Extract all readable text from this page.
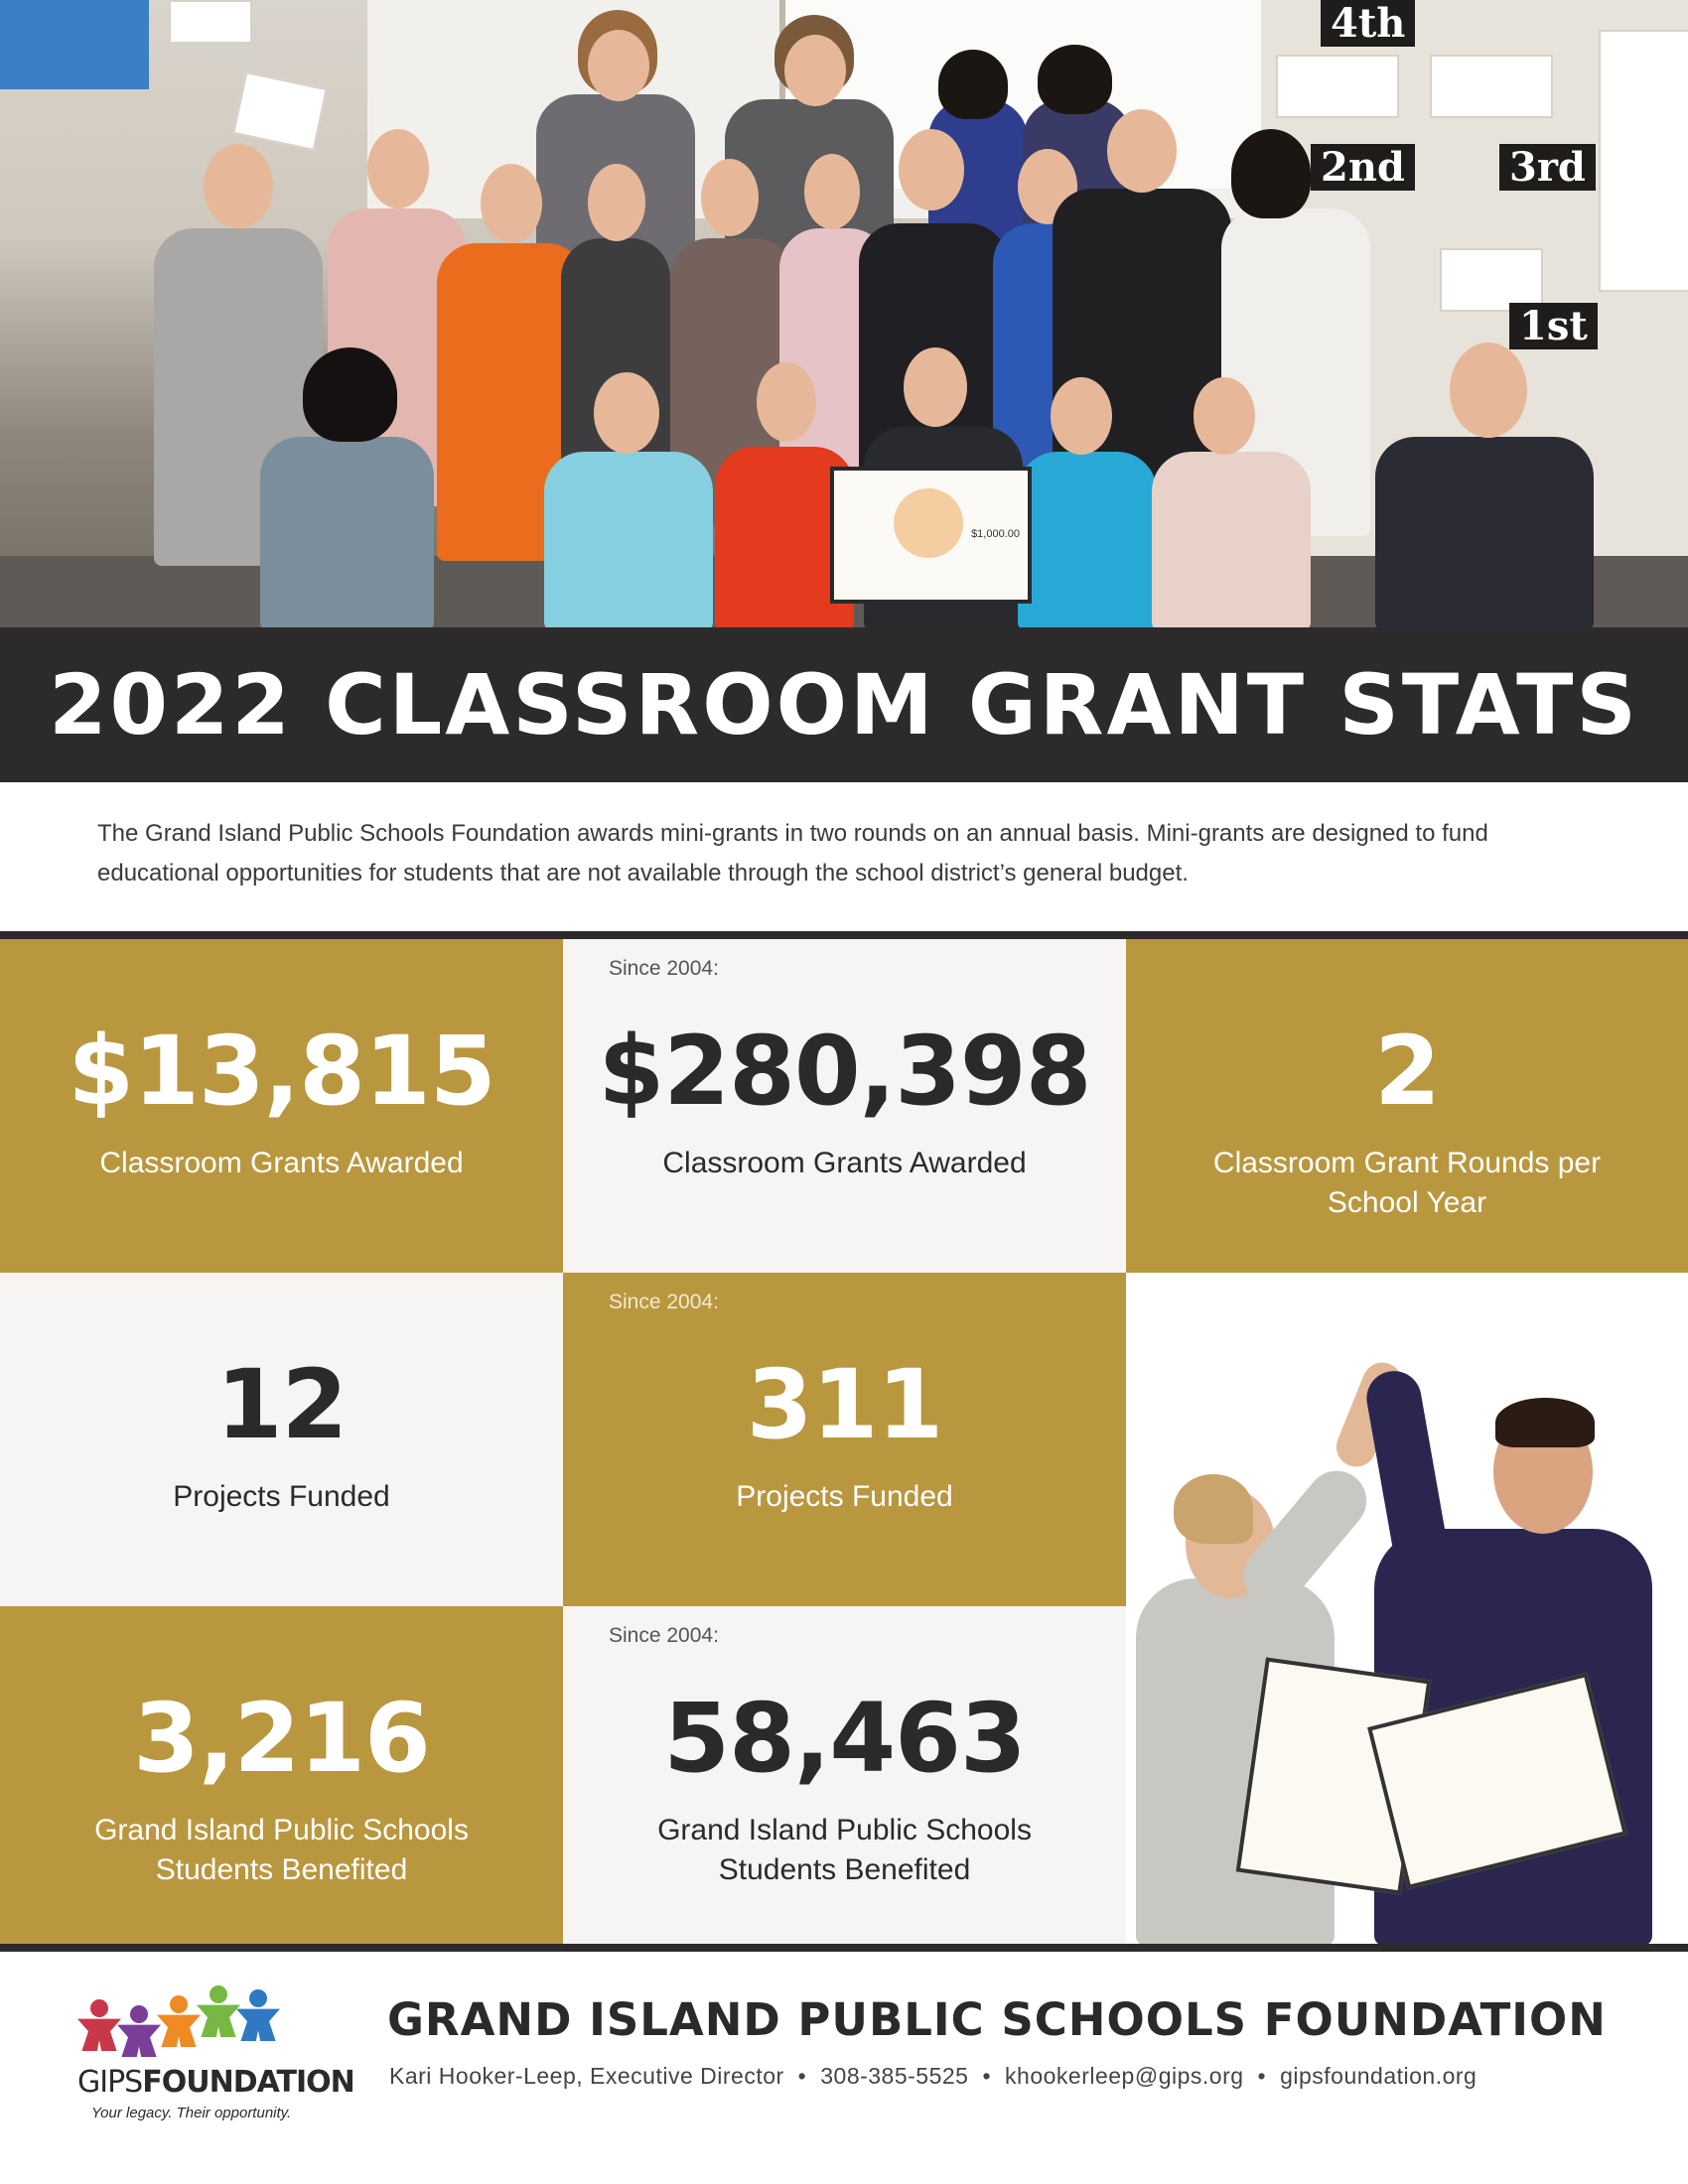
4th
2nd	3rd
1st
$1,000.00
2022 CLASSROOM GRANT STATS

The Grand Island Public Schools Foundation awards mini-grants in two rounds on an annual basis. Mini-grants are designed to fund educational opportunities for students that are not available through the school district’s general budget.

$13,815
Classroom Grants Awarded
Since 2004:
$280,398
Classroom Grants Awarded
2
Classroom Grant Rounds per School Year
12
Projects Funded
Since 2004:
311
Projects Funded
3,216
Grand Island Public Schools Students Benefited
Since 2004:
58,463
Grand Island Public Schools Students Benefited
GIPSFOUNDATION
Your legacy. Their opportunity.
GRAND ISLAND PUBLIC SCHOOLS FOUNDATION
Kari Hooker-Leep, Executive Director • 308-385-5525 • khookerleep@gips.org • gipsfoundation.org
